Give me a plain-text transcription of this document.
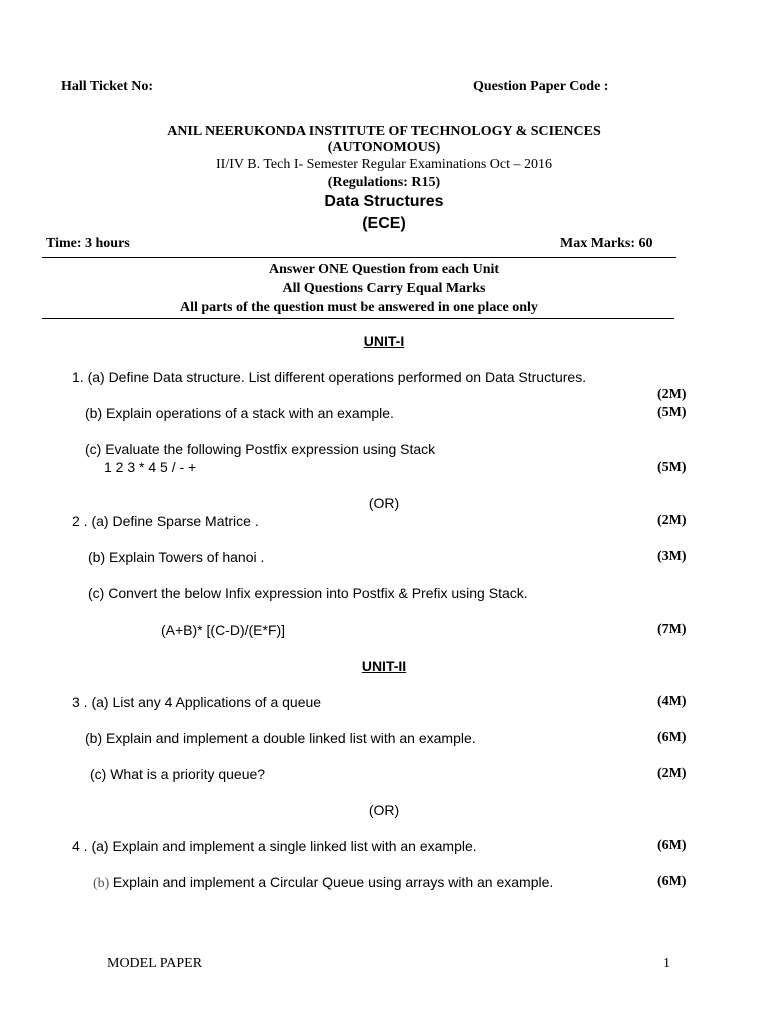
Hall Ticket No:	Question Paper Code :
ANIL NEERUKONDA INSTITUTE OF TECHNOLOGY & SCIENCES
(AUTONOMOUS)
II/IV B. Tech I- Semester Regular Examinations Oct – 2016
(Regulations: R15)
Data Structures
(ECE)
Time: 3 hours	Max Marks: 60
Answer ONE Question from each Unit
All Questions Carry Equal Marks
All parts of the question must be answered in one place only
UNIT-I
1. (a) Define Data structure. List different operations performed on Data Structures.
(2M)
(b) Explain operations of a stack with an example.	(5M)
(c) Evaluate the following Postfix expression using Stack
1 2 3 * 4 5 / - +	(5M)
(OR)
2 . (a) Define Sparse Matrice .	(2M)
(b) Explain Towers of hanoi .	(3M)
(c) Convert the below Infix expression into Postfix & Prefix using Stack.
(A+B)* [(C-D)/(E*F)]	(7M)
UNIT-II
3 . (a) List any 4 Applications of a queue	(4M)
(b) Explain and implement a double linked list with an example.	(6M)
(c) What is a priority queue?	(2M)
(OR)
4 . (a) Explain and implement a single linked list with an example.	(6M)
(b) Explain and implement a Circular Queue using arrays with an example.	(6M)
MODEL PAPER	1
